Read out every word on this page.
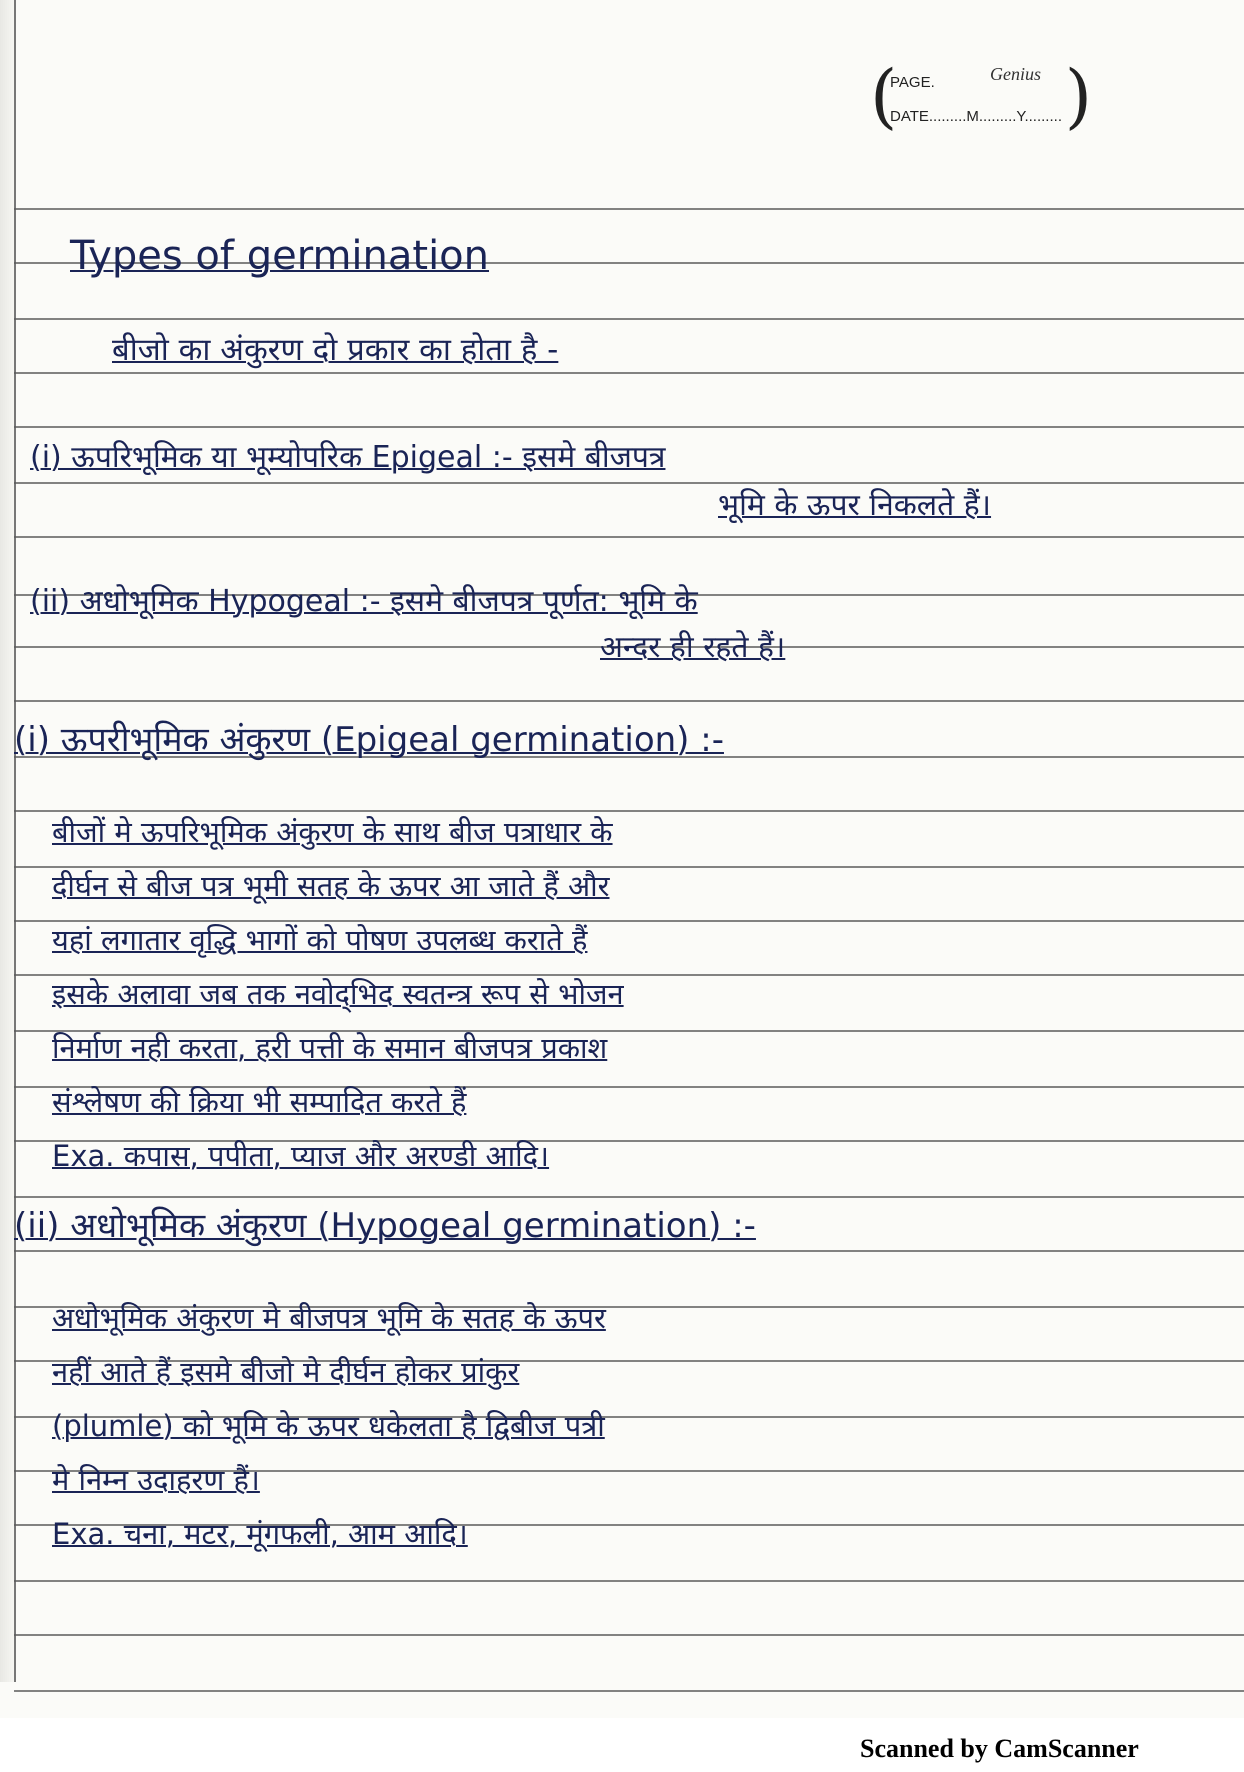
(
PAGE.	Genius
DATE.........M.........Y......... )
Types of germination
बीजो का अंकुरण दो प्रकार का होता है -
(i) ऊपरिभूमिक या भूम्योपरिक Epigeal :- इसमे बीजपत्र
भूमि के ऊपर निकलते हैं।
(ii) अधोभूमिक Hypogeal :- इसमे बीजपत्र पूर्णत: भूमि के
अन्दर ही रहते हैं।
(i) ऊपरीभूमिक अंकुरण (Epigeal germination) :-
बीजों मे ऊपरिभूमिक अंकुरण के साथ बीज पत्राधार के
दीर्घन से बीज पत्र भूमी सतह के ऊपर आ जाते हैं और
यहां लगातार वृद्धि भागों को पोषण उपलब्ध कराते हैं
इसके अलावा जब तक नवोद्‌भिद स्वतन्त्र रूप से भोजन
निर्माण नही करता, हरी पत्ती के समान बीजपत्र प्रकाश
संश्लेषण की क्रिया भी सम्पादित करते हैं
Exa. कपास, पपीता, प्याज और अरण्डी आदि।
(ii) अधोभूमिक अंकुरण (Hypogeal germination) :-
अधोभूमिक अंकुरण मे बीजपत्र भूमि के सतह के ऊपर
नहीं आते हैं इसमे बीजो मे दीर्घन होकर प्रांकुर
(plumle) को भूमि के ऊपर धकेलता है द्विबीज पत्री
मे निम्न उदाहरण हैं।
Exa. चना, मटर, मूंगफली, आम आदि।
Scanned by CamScanner
